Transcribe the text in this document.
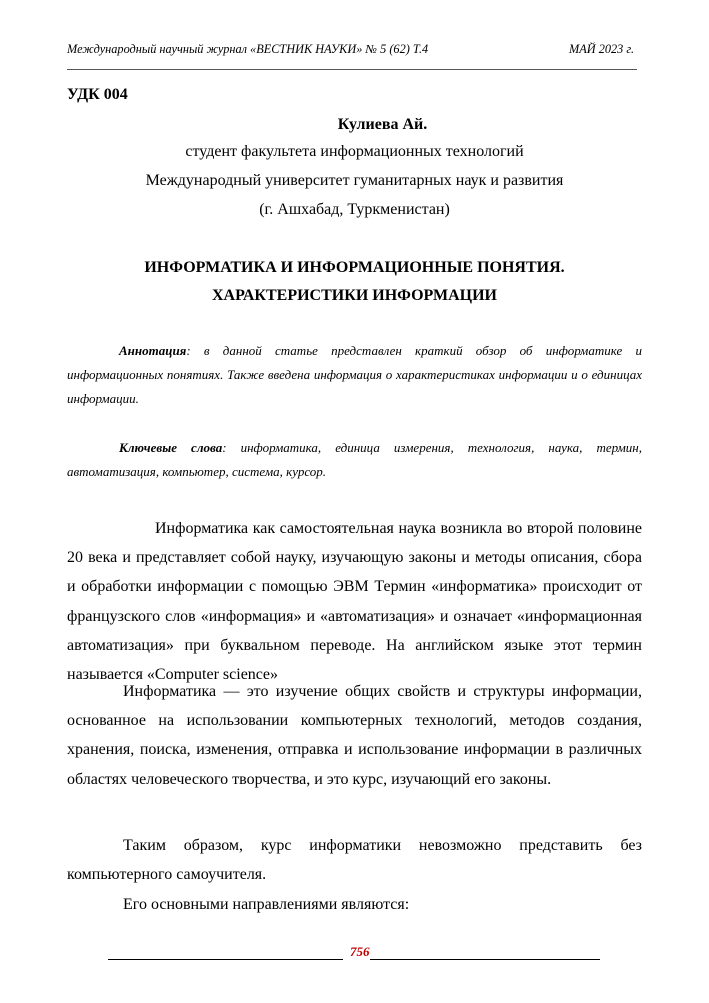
Международный научный журнал «ВЕСТНИК НАУКИ» № 5 (62) Т.4	МАЙ 2023 г.
УДК 004
Кулиева Ай.
студент факультета информационных технологий
Международный университет гуманитарных наук и развития
(г. Ашхабад, Туркменистан)
ИНФОРМАТИКА И ИНФОРМАЦИОННЫЕ ПОНЯТИЯ.
ХАРАКТЕРИСТИКИ ИНФОРМАЦИИ
Аннотация: в данной статье представлен краткий обзор об информатике и информационных понятиях. Также введена информация о характеристиках информации и о единицах информации.
Ключевые слова: информатика, единица измерения, технология, наука, термин, автоматизация, компьютер, система, курсор.
Информатика как самостоятельная наука возникла во второй половине 20 века и представляет собой науку, изучающую законы и методы описания, сбора и обработки информации с помощью ЭВМ Термин «информатика» происходит от французского слов «информация» и «автоматизация» и означает «информационная автоматизация» при буквальном переводе. На английском языке этот термин называется «Computer science»
Информатика — это изучение общих свойств и структуры информации, основанное на использовании компьютерных технологий, методов создания, хранения, поиска, изменения, отправка и использование информации в различных областях человеческого творчества, и это курс, изучающий его законы.
Таким образом, курс информатики невозможно представить без компьютерного самоучителя.
Его основными направлениями являются:
756
